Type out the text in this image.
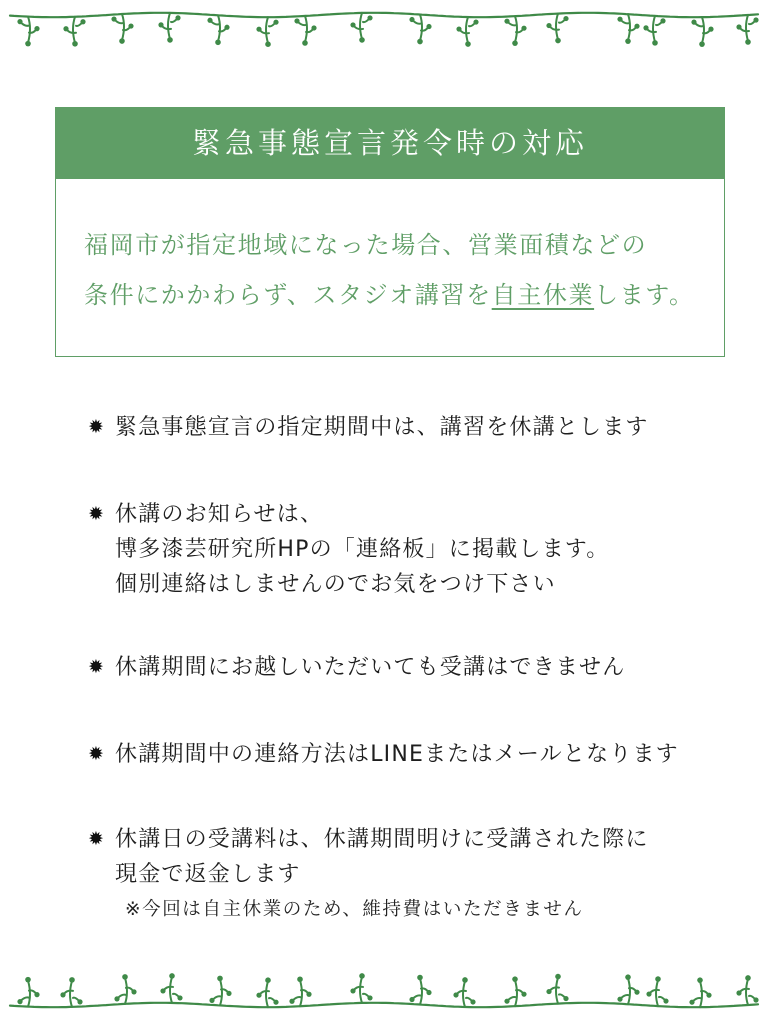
緊急事態宣言発令時の対応
福岡市が指定地域になった場合、営業面積などの
条件にかかわらず、スタジオ講習を自主休業します。
✹ 緊急事態宣言の指定期間中は、講習を休講とします
✹ 休講のお知らせは、
博多漆芸研究所HPの「連絡板」に掲載します。
個別連絡はしませんのでお気をつけ下さい
✹ 休講期間にお越しいただいても受講はできません
✹ 休講期間中の連絡方法はLINEまたはメールとなります
✹ 休講日の受講料は、休講期間明けに受講された際に
現金で返金します
※今回は自主休業のため、維持費はいただきません
